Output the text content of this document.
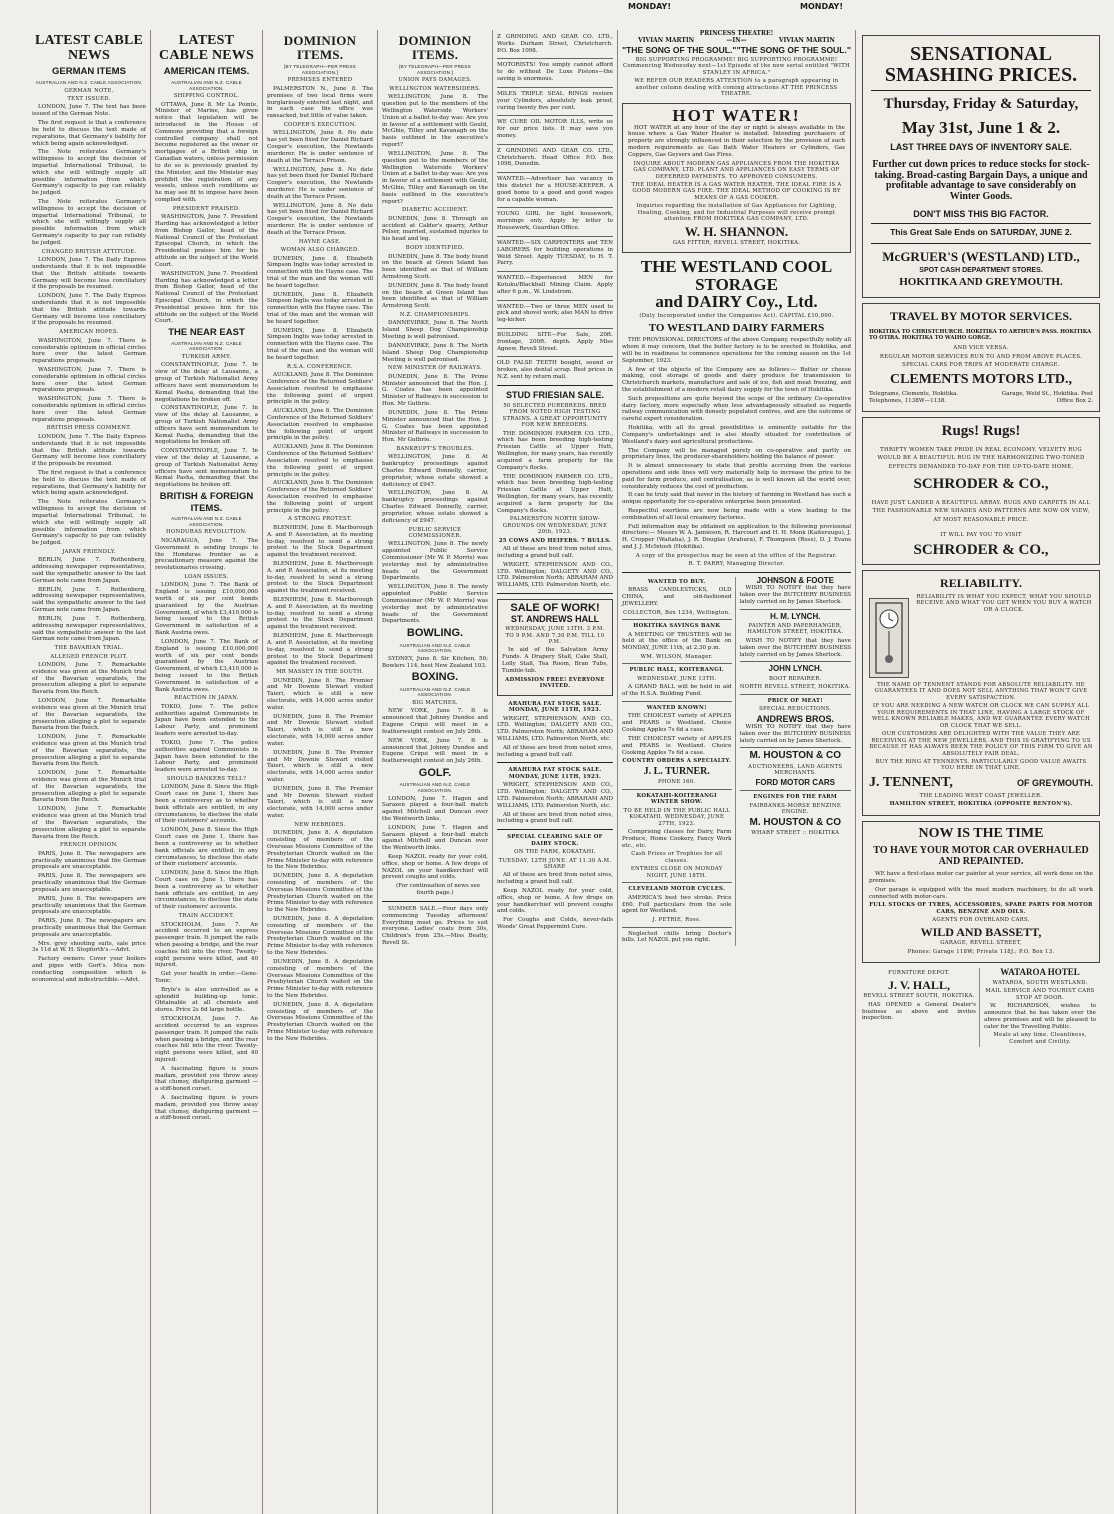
MONDAY!	MONDAY!
LATEST CABLE NEWS
GERMAN ITEMS
AUSTRALIAN AND N.Z. CABLE ASSOCIATION.
GERMAN NOTE.
TEXT ISSUED.

LONDON, June 7. The text has been issued of the German Note.

The first request is that a conference be held to discuss the text made of reparations, that Germany's liability for which being again acknowledged.

The Note reiterates Germany's willingness to accept the decision of impartial International Tribunal, to which she will willingly supply all possible information from which Germany's capacity to pay can reliably be judged.

The Note reiterates Germany's willingness to accept the decision of impartial International Tribunal, to which she will willingly supply all possible information from which Germany's capacity to pay can reliably be judged.

CHANGED BRITISH ATTITUDE.

LONDON, June 7. The Daily Express understands that it is not impossible that the British attitude towards Germany will become less conciliatory if the proposals be resumed.

LONDON, June 7. The Daily Express understands that it is not impossible that the British attitude towards Germany will become less conciliatory if the proposals be resumed.

AMERICAN HOPES.

WASHINGTON, June 7. There is considerable optimism in official circles here over the latest German reparations proposals.

WASHINGTON, June 7. There is considerable optimism in official circles here over the latest German reparations proposals.

WASHINGTON, June 7. There is considerable optimism in official circles here over the latest German reparations proposals.

BRITISH PRESS COMMENT.

LONDON, June 7. The Daily Express understands that it is not impossible that the British attitude towards Germany will become less conciliatory if the proposals be resumed.

The first request is that a conference be held to discuss the text made of reparations, that Germany's liability for which being again acknowledged.

The Note reiterates Germany's willingness to accept the decision of impartial International Tribunal, to which she will willingly supply all possible information from which Germany's capacity to pay can reliably be judged.

JAPAN FRIENDLY.

BERLIN, June 7. Rothenberg, addressing newspaper representatives, said the sympathetic answer to the last German note came from Japan.

BERLIN, June 7. Rothenberg, addressing newspaper representatives, said the sympathetic answer to the last German note came from Japan.

BERLIN, June 7. Rothenberg, addressing newspaper representatives, said the sympathetic answer to the last German note came from Japan.

THE BAVARIAN TRIAL.
ALLEGED FRENCH PLOT.

LONDON, June 7. Remarkable evidence was given at the Munich trial of the Bavarian separatists, the prosecution alleging a plot to separate Bavaria from the Reich.

LONDON, June 7. Remarkable evidence was given at the Munich trial of the Bavarian separatists, the prosecution alleging a plot to separate Bavaria from the Reich.

LONDON, June 7. Remarkable evidence was given at the Munich trial of the Bavarian separatists, the prosecution alleging a plot to separate Bavaria from the Reich.

LONDON, June 7. Remarkable evidence was given at the Munich trial of the Bavarian separatists, the prosecution alleging a plot to separate Bavaria from the Reich.

LONDON, June 7. Remarkable evidence was given at the Munich trial of the Bavarian separatists, the prosecution alleging a plot to separate Bavaria from the Reich.

FRENCH OPINION.

PARIS, June 8. The newspapers are practically unanimous that the German proposals are unacceptable.

PARIS, June 8. The newspapers are practically unanimous that the German proposals are unacceptable.

PARIS, June 8. The newspapers are practically unanimous that the German proposals are unacceptable.

PARIS, June 8. The newspapers are practically unanimous that the German proposals are unacceptable.

Mrs. grey shooting suits, sale price 3s 11d at W. H. Stopforth's.—Advt.

Factory owners: Cover your boilers and pipes with Gort's. Mica non-conducting composition which is economical and indestructible.—Advt.

LATEST CABLE NEWS
AMERICAN ITEMS.
AUSTRALIAN AND N.Z. CABLE ASSOCIATION.
SHIPPING CONTROL.

OTTAWA, June 8. Mr La Pointe, Minister of Marine, has given notice that legislation will be introduced in the House of Commons providing that a foreign controlled company shall not become registered as the owner or mortgagee of a British ship in Canadian waters, unless permission to do so is previously granted by the Minister, and the Minister may prohibit the registration of any vessels, unless such conditions as he may see fit to impose have been complied with.

PRESIDENT PRAISED.

WASHINGTON, June 7. President Harding has acknowledged a letter from Bishop Gailor, head of the National Council of the Protestant Episcopal Church, in which the Presidential praises him for his attitude on the subject of the World Court.

WASHINGTON, June 7. President Harding has acknowledged a letter from Bishop Gailor, head of the National Council of the Protestant Episcopal Church, in which the Presidential praises him for his attitude on the subject of the World Court.

THE NEAR EAST
AUSTRALIAN AND N.Z. CABLE ASSOCIATION.
TURKISH ARMY.

CONSTANTINOPLE, June 7. In view of the delay at Lausanne, a group of Turkish Nationalist Army officers have sent memorandum to Kemal Pasha, demanding that the negotiations be broken off.

CONSTANTINOPLE, June 7. In view of the delay at Lausanne, a group of Turkish Nationalist Army officers have sent memorandum to Kemal Pasha, demanding that the negotiations be broken off.

CONSTANTINOPLE, June 7. In view of the delay at Lausanne, a group of Turkish Nationalist Army officers have sent memorandum to Kemal Pasha, demanding that the negotiations be broken off.

BRITISH & FOREIGN ITEMS.
AUSTRALIAN AND N.Z. CABLE ASSOCIATION.
HONDURAS REVOLUTION.

NICARAGUA, June 7. The Government is sending troops to the Honduras frontier as a precautionary measure against the revolutionaries crossing.

LOAN ISSUES.

LONDON, June 7. The Bank of England is issuing £10,000,000 worth of six per cent bonds guaranteed by the Austrian Government, of which £3,410,000 is being issued to the British Government in satisfaction of a Bank Austria owes.

LONDON, June 7. The Bank of England is issuing £10,000,000 worth of six per cent bonds guaranteed by the Austrian Government, of which £3,410,000 is being issued to the British Government in satisfaction of a Bank Austria owes.

REACTION IN JAPAN.

TOKIO, June 7. The police authorities against Communists in Japan have been extended to the Labour Party, and prominent leaders were arrested to-day.

TOKIO, June 7. The police authorities against Communists in Japan have been extended to the Labour Party, and prominent leaders were arrested to-day.

SHOULD BANKERS TELL?

LONDON, June 8. Since the High Court case on June 1, there has been a controversy as to whether bank officials are entitled, in any circumstances, to disclose the state of their customers' accounts.

LONDON, June 8. Since the High Court case on June 1, there has been a controversy as to whether bank officials are entitled, in any circumstances, to disclose the state of their customers' accounts.

LONDON, June 8. Since the High Court case on June 1, there has been a controversy as to whether bank officials are entitled, in any circumstances, to disclose the state of their customers' accounts.

TRAIN ACCIDENT.

STOCKHOLM, June 7. An accident occurred to an express passenger train. It jumped the rails when passing a bridge, and the rear coaches fell into the river. Twenty-eight persons were killed, and 40 injured.

Get your health in order.—Gene-Tonic.

Bryle's is also unrivalled as a splendid building-up tonic. Obtainable at all chemists and stores. Price 2s 6d large bottle.

STOCKHOLM, June 7. An accident occurred to an express passenger train. It jumped the rails when passing a bridge, and the rear coaches fell into the river. Twenty-eight persons were killed, and 40 injured.

A fascinating figure is yours madam, provided you throw away that clumsy, disfiguring garment — a stiff-boned corset.

A fascinating figure is yours madam, provided you throw away that clumsy, disfiguring garment — a stiff-boned corset.

DOMINION ITEMS.
[BY TELEGRAPH—PER PRESS ASSOCIATION.]
PREMISES ENTERED

PALMERSTON N., June 8. The premises of two local firms were burglariously entered last night, and in each case the office was ransacked, but little of value taken.

COOPER'S EXECUTION.

WELLINGTON, June 8. No date has yet been fixed for Daniel Richard Cooper's execution, the Newlands murderer. He is under sentence of death at the Terrace Prison.

WELLINGTON, June 8. No date has yet been fixed for Daniel Richard Cooper's execution, the Newlands murderer. He is under sentence of death at the Terrace Prison.

WELLINGTON, June 8. No date has yet been fixed for Daniel Richard Cooper's execution, the Newlands murderer. He is under sentence of death at the Terrace Prison.

HAYNE CASE.
WOMAN ALSO CHARGED.

DUNEDIN, June 8. Elizabeth Simpson Inglis was today arrested in connection with the Hayne case. The trial of the man and the woman will be heard together.

DUNEDIN, June 8. Elizabeth Simpson Inglis was today arrested in connection with the Hayne case. The trial of the man and the woman will be heard together.

DUNEDIN, June 8. Elizabeth Simpson Inglis was today arrested in connection with the Hayne case. The trial of the man and the woman will be heard together.

R.S.A. CONFERENCE.

AUCKLAND, June 8. The Dominion Conference of the Returned Soldiers' Association resolved to emphasise the following point of urgent principle in the policy.

AUCKLAND, June 8. The Dominion Conference of the Returned Soldiers' Association resolved to emphasise the following point of urgent principle in the policy.

AUCKLAND, June 8. The Dominion Conference of the Returned Soldiers' Association resolved to emphasise the following point of urgent principle in the policy.

AUCKLAND, June 8. The Dominion Conference of the Returned Soldiers' Association resolved to emphasise the following point of urgent principle in the policy.

A STRONG PROTEST.

BLENHEIM, June 8. Marlborough A. and P. Association, at its meeting to-day, resolved to send a strong protest to the Stock Department against the treatment received.

BLENHEIM, June 8. Marlborough A. and P. Association, at its meeting to-day, resolved to send a strong protest to the Stock Department against the treatment received.

BLENHEIM, June 8. Marlborough A. and P. Association, at its meeting to-day, resolved to send a strong protest to the Stock Department against the treatment received.

BLENHEIM, June 8. Marlborough A. and P. Association, at its meeting to-day, resolved to send a strong protest to the Stock Department against the treatment received.

MR MASSEY IN THE SOUTH.

DUNEDIN, June 8. The Premier and Mr Downie Stewart visited Taieri, which is still a new electorate, with 14,000 acres under water.

DUNEDIN, June 8. The Premier and Mr Downie Stewart visited Taieri, which is still a new electorate, with 14,000 acres under water.

DUNEDIN, June 8. The Premier and Mr Downie Stewart visited Taieri, which is still a new electorate, with 14,000 acres under water.

DUNEDIN, June 8. The Premier and Mr Downie Stewart visited Taieri, which is still a new electorate, with 14,000 acres under water.

NEW HEBRIDES.

DUNEDIN, June 8. A deputation consisting of members of the Overseas Missions Committee of the Presbyterian Church waited on the Prime Minister to-day with reference to the New Hebrides.

DUNEDIN, June 8. A deputation consisting of members of the Overseas Missions Committee of the Presbyterian Church waited on the Prime Minister to-day with reference to the New Hebrides.

DUNEDIN, June 8. A deputation consisting of members of the Overseas Missions Committee of the Presbyterian Church waited on the Prime Minister to-day with reference to the New Hebrides.

DUNEDIN, June 8. A deputation consisting of members of the Overseas Missions Committee of the Presbyterian Church waited on the Prime Minister to-day with reference to the New Hebrides.

DUNEDIN, June 8. A deputation consisting of members of the Overseas Missions Committee of the Presbyterian Church waited on the Prime Minister to-day with reference to the New Hebrides.

DOMINION ITEMS.
[BY TELEGRAPH—PER PRESS ASSOCIATION.]
UNION PAYS DAMAGES.
WELLINGTON WATERSIDERS.

WELLINGTON, June 8. The question put to the members of the Wellington Waterside Workers' Union at a ballot to-day was: Are you in favour of a settlement with Gould, McGhie, Tilley and Kavanagh on the basis outlined in the executive's report?

WELLINGTON, June 8. The question put to the members of the Wellington Waterside Workers' Union at a ballot to-day was: Are you in favour of a settlement with Gould, McGhie, Tilley and Kavanagh on the basis outlined in the executive's report?

DIABETIC ACCIDENT.

DUNEDIN, June 8. Through an accident at Calder's quarry, Arthur Pelser, married, sustained injuries to his head and leg.

BODY IDENTIFIED.

DUNEDIN, June 8. The body found on the beach at Green Island has been identified as that of William Armstrong Scott.

DUNEDIN, June 8. The body found on the beach at Green Island has been identified as that of William Armstrong Scott.

N.Z. CHAMPIONSHIPS.

DANNEVIRKE, June 8. The North Island Sheep Dog Championship Meeting is well patronised.

DANNEVIRKE, June 8. The North Island Sheep Dog Championship Meeting is well patronised.

NEW MINISTER OF RAILWAYS.

DUNEDIN, June 8. The Prime Minister announced that the Hon. J. G. Coates has been appointed Minister of Railways in succession to Hon. Mr Guthrie.

DUNEDIN, June 8. The Prime Minister announced that the Hon. J. G. Coates has been appointed Minister of Railways in succession to Hon. Mr Guthrie.

BANKRUPT'S TROUBLES.

WELLINGTON, June 8. At bankruptcy proceedings against Charles Edward Donnelly, carrier, proprietor, whose estate showed a deficiency of £947.

WELLINGTON, June 8. At bankruptcy proceedings against Charles Edward Donnelly, carrier, proprietor, whose estate showed a deficiency of £947.

PUBLIC SERVICE COMMISSIONER.

WELLINGTON, June 8. The newly appointed Public Service Commissioner (Mr W. P. Morris) was yesterday met by administrative heads of the Government Departments.

WELLINGTON, June 8. The newly appointed Public Service Commissioner (Mr W. P. Morris) was yesterday met by administrative heads of the Government Departments.

BOWLING.
AUSTRALIAN AND N.Z. CABLE ASSOCIATION.

SYDNEY, June 8. Sir Kitchen, 50; Bowlers 114, best New Zealand 103.

BOXING.
AUSTRALIAN AND N.Z. CABLE ASSOCIATION.
BIG MATCHES.

NEW YORK, June 7. It is announced that Johnny Dundee and Eugene Criqui will meet in a featherweight contest on July 26th.

NEW YORK, June 7. It is announced that Johnny Dundee and Eugene Criqui will meet in a featherweight contest on July 26th.

GOLF.
AUSTRALIAN AND N.Z. CABLE ASSOCIATION.

LONDON, June 7. Hagen and Sarazen played a four-ball match against Mitchell and Duncan over the Wentworth links.

LONDON, June 7. Hagen and Sarazen played a four-ball match against Mitchell and Duncan over the Wentworth links.

Keep NAZOL ready for your cold, office, shop or home. A few drops of NAZOL on your handkerchief will prevent coughs and colds.

(For continuation of news see fourth page.)

SUMMER SALE.—Four days only commencing Tuesday afternoon! Everything must go. Prices to suit everyone. Ladies' coats from 30s, Children's from 25s.—Miss Beatty, Revell St.

Z GRINDING AND GEAR CO. LTD., Works Durham Street, Christchurch. P.O. Box 1098.

MOTORISTS! You simply cannot afford to do without De Luxe Pistons—the saving is enormous.

MILES TRIPLE SEAL RINGS restore your Cylinders, absolutely leak proof, curing twenty five per cent.

WE CURE OIL MOTOR ILLS, write us for our price lists. It may save you money.

Z GRINDING AND GEAR CO. LTD., Christchurch. Head Office P.O. Box 1098, Dunedin.

WANTED.—Advertiser has vacancy in this district for a HOUSE-KEEPER. A good home to a good and good wages for a capable woman.

YOUNG GIRL for light housework, mornings only. Apply by letter to Housework, Guardian Office.

WANTED.—SIX CARPENTERS and TEN LABORERS for building operations in Weld Street. Apply TUESDAY, to H. T. Parry.

WANTED.—Experienced MEN for Kotuku/Blackball Mining Claim. Apply after 6 p.m., W. Lindstrom.

WANTED.—Two or three MEN used to pick and shovel work; also MAN to drive leg-kicker.

BUILDING SITE—For Sale, 20ft. frontage, 200ft. depth. Apply Miss Agnew, Revell Street.

OLD FALSE TEETH bought, sound or broken, also dental scrap. Best prices in N.Z. sent by return mail.

STUD FRIESIAN SALE.

50 SELECTED PUREBREDS. BRED FROM NOTED HIGH TESTING STRAINS. A GREAT OPPORTUNITY FOR NEW BREEDERS.

THE DOMINION FARMER CO. LTD., which has been breeding high-testing Friesian Cattle at Upper Hutt, Wellington, for many years, has recently acquired a farm property for the Company's flocks.

THE DOMINION FARMER CO. LTD., which has been breeding high-testing Friesian Cattle at Upper Hutt, Wellington, for many years, has recently acquired a farm property for the Company's flocks.

PALMERSTON NORTH SHOW-GROUNDS ON WEDNESDAY, JUNE 20th, 1923.

25 COWS AND HEIFERS. 7 BULLS.

All of these are bred from noted sires, including a grand bull calf.

WRIGHT, STEPHENSON AND CO., LTD. Wellington; DALGETY AND CO., LTD. Palmerston North; ABRAHAM AND WILLIAMS, LTD. Palmerston North, etc.

SALE OF WORK!
ST. ANDREWS HALL

WEDNESDAY, JUNE 13TH. 3 P.M. TO 9 P.M. AND 7.30 P.M. TILL 10 P.M.

In aid of the Salvation Army Funds. A Drapery Stall, Cake Stall, Lolly Stall, Tea Room, Bran Tubs, Tumble-tub.

ADMISSION FREE! EVERYONE INVITED.

ARAHURA FAT STOCK SALE. MONDAY, JUNE 11TH, 1923.

WRIGHT, STEPHENSON AND CO., LTD. Wellington; DALGETY AND CO., LTD. Palmerston North; ABRAHAM AND WILLIAMS, LTD. Palmerston North, etc.

All of these are bred from noted sires, including a grand bull calf.

ARAHURA FAT STOCK SALE. MONDAY, JUNE 11TH, 1923.

WRIGHT, STEPHENSON AND CO., LTD. Wellington; DALGETY AND CO., LTD. Palmerston North; ABRAHAM AND WILLIAMS, LTD. Palmerston North, etc.

All of these are bred from noted sires, including a grand bull calf.

SPECIAL CLEARING SALE OF DAIRY STOCK.

ON THE FARM, KOKATAHI.

TUESDAY, 12TH JUNE. AT 11.30 A.M. SHARP.

All of these are bred from noted sires, including a grand bull calf.

Keep NAZOL ready for your cold, office, shop or home. A few drops on your handkerchief will prevent coughs and colds.

For Coughs and Colds, never-fails Woods' Great Peppermint Cure.

PRINCESS THEATRE!
VIVIAN MARTIN	—IN—	VIVIAN MARTIN
"THE SONG OF THE SOUL." "THE SONG OF THE SOUL."

BIG SUPPORTING PROGRAMME! BIG SUPPORTING PROGRAMME! Commencing Wednesday next—1st Episode of the new serial entitled "WITH STANLEY IN AFRICA."

WE REFER OUR READERS ATTENTION to a paragraph appearing in another column dealing with coming attractions AT THE PRINCESS THEATRE.

HOT WATER!

HOT WATER at any hour of the day or night is always available in the house where a Gas Water Heater is installed. Intending purchasers of property are strongly influenced in their selection by the provision of such modern requirements as Gas Bath Water Heaters or Cylinders, Gas Coppers, Gas Geysers and Gas Fires.

INQUIRE ABOUT MODERN GAS APPLIANCES FROM THE HOKITIKA GAS COMPANY, LTD. PLANT AND APPLIANCES ON EASY TERMS OF DEFERRED PAYMENTS. TO APPROVED CONSUMERS.

THE IDEAL HEATER IS A GAS WATER HEATER. THE IDEAL FIRE IS A GOOD MODERN GAS FIRE. THE IDEAL METHOD OF COOKING IS BY MEANS OF A GAS COOKER.

Inquiries regarding the installation of Gas Appliances for Lighting, Heating, Cooking, and for Industrial Purposes will receive prompt attention FROM HOKITIKA GAS COMPANY, LTD.

W. H. SHANNON.

GAS FITTER, REVELL STREET, HOKITIKA.

THE WESTLAND COOL STORAGE
and DAIRY Coy., Ltd.

(Duly Incorporated under the Companies Act). CAPITAL £10,000.

TO WESTLAND DAIRY FARMERS

THE PROVISIONAL DIRECTORS of the above Company, respectfully notify all whom it may concern, that the butter factory is to be erected in Hokitika, and will be in readiness to commence operations for the coming season on the 1st September, 1923.

A few of the objects of the Company are as follows:— Butter or cheese making, cool storage of goods and dairy produce for transmission to Christchurch markets, manufacture and sale of ice, fish and meat freezing, and the establishment of a modern retail dairy supply for the town of Hokitika.

Such propositions are quite beyond the scope of the ordinary Co-operative dairy factory, more especially when less advantageously situated as regards railway communication with densely populated centres, and are the outcome of careful expert consideration.

Hokitika, with all its great possibilities is eminently suitable for the Company's undertakings and is also ideally situated for contribution of Westland's dairy and agricultural productions.

The Company will be managed purely on co-operative and partly on proprietary lines, the producer-shareholders holding the balance of power.

It is almost unnecessary to state that profits accruing from the various operations and side lines will very materially help to increase the price to be paid for farm produce, and centralisation, as is well known all the world over, considerably reduces the cost of production.

It can be truly said that never in the history of farming in Westland has such a unique opportunity for co-operative enterprise been presented.

Respectful exertions are now being made with a view leading to the combination of all local creamery factories.

Full information may be obtained on application to the following provisional directors:— Messrs W. A. Jamieson, R. Harcourt and H. H. Monk (Kaiteruugu), J. H. Cropper (Waitaha), J. R. Douglas (Arahura), F. Thompson (Ross), D. J. Evans and J. J. McIntosh (Hokitika).

A copy of the prospectus may be seen at the office of the Registrar.

R. T. PARRY, Managing Director.

WANTED TO BUY.

BRASS CANDLESTICKS, OLD CHINA, and old-fashioned JEWELLERY.

COLLECTOR, Box 1234, Wellington.

HOKITIKA SAVINGS BANK

A MEETING OF TRUSTEES will be held at the office of the Bank on MONDAY, JUNE 11th, at 2.30 p.m.

WM. WILSON, Manager.

PUBLIC HALL, KOITERANGI.

WEDNESDAY, JUNE 13TH.

A GRAND BALL will be held in aid of the H.S.A. Building Fund.

WANTED KNOWN!

THE CHOICEST variety of APPLES and PEARS is Westland. Choice Cooking Apples 7s 6d a case.

THE CHOICEST variety of APPLES and PEARS is Westland. Choice Cooking Apples 7s 6d a case.

COUNTRY ORDERS A SPECIALTY.

J. L. TURNER.

PHONE 160.

KOKATAHI-KOITERANGI WINTER SHOW.

TO BE HELD IN THE PUBLIC HALL KOKATAHI. WEDNESDAY, JUNE 27TH, 1923.

Comprising classes for Dairy, Farm Produce, Home Cookery, Fancy Work etc., etc.

Cash Prizes or Trophies for all classes.

ENTRIES CLOSE ON MONDAY NIGHT, JUNE 18TH.

CLEVELAND MOTOR CYCLES.

AMERICA'S best two stroke. Price £60. Full particulars from the sole agent for Westland.

J. PETRIE, Ross.

Neglected chills bring Doctor's bills. Let NAZOL put you right.

JOHNSON & FOOTE

WISH TO NOTIFY that they have taken over the BUTCHERY BUSINESS lately carried on by James Sherlock.

H. M. LYNCH.

PAINTER AND PAPERHANGER, HAMILTON STREET, HOKITIKA.

WISH TO NOTIFY that they have taken over the BUTCHERY BUSINESS lately carried on by James Sherlock.

JOHN LYNCH.

BOOT REPAIRER.

NORTH REVELL STREET, HOKITIKA.

PRICE OF MEAT!

SPECIAL REDUCTIONS.

ANDREWS BROS.

WISH TO NOTIFY that they have taken over the BUTCHERY BUSINESS lately carried on by James Sherlock.

M. HOUSTON & CO

AUCTIONEERS, LAND AGENTS MERCHANTS.

FORD MOTOR CARS

ENGINES FOR THE FARM

FAIRBANKS-MORSE BENZINE ENGINE.

M. HOUSTON & CO

WHARF STREET :: HOKITIKA

SENSATIONAL SMASHING PRICES.
Thursday, Friday & Saturday,
May 31st, June 1 & 2.
LAST THREE DAYS OF INVENTORY SALE.
Further cut down prices to reduce stocks for stock-taking. Broad-casting Bargain Days, a unique and profitable advantage to save considerably on Winter Goods.
DON'T MISS THIS BIG FACTOR.
This Great Sale Ends on SATURDAY, JUNE 2.
McGRUER'S (WESTLAND) LTD.,
SPOT CASH DEPARTMENT STORES.
HOKITIKA AND GREYMOUTH.
TRAVEL BY MOTOR SERVICES.

HOKITIKA TO CHRISTCHURCH. HOKITIKA TO ARTHUR'S PASS. HOKITIKA TO OTIRA. HOKITIKA TO WAIHO GORGE.

AND VICE VERSA.

REGULAR MOTOR SERVICES RUN TO AND FROM ABOVE PLACES.

SPECIAL CARS FOR TRIPS AT MODERATE CHARGE.

CLEMENTS MOTORS LTD.,
Telegrams, Clements, Hokitika. Telephones, 1138W—1138.
Garage, Weld St., Hokitika. Post Office Box 2.
Rugs! Rugs!

THRIFTY WOMEN TAKE PRIDE IN REAL ECONOMY. VELVETY RUG WOULD BE A BEAUTIFUL RUG IN THE HARMONIZING TWO-TONED EFFECTS DEMANDED TO-DAY FOR THE UP-TO-DATE HOME.

SCHRODER & CO.,

HAVE JUST LANDED A BEAUTIFUL ARRAY. RUGS AND CARPETS IN ALL THE FASHIONABLE NEW SHADES AND PATTERNS ARE NOW ON VIEW, AT MOST REASONABLE PRICE.

IT WILL PAY YOU TO VISIT

SCHRODER & CO.,
RELIABILITY.

RELIABILITY IS WHAT YOU EXPECT, WHAT YOU SHOULD RECEIVE AND WHAT YOU GET WHEN YOU BUY A WATCH OR A CLOCK.

THE NAME OF TENNENT STANDS FOR ABSOLUTE RELIABILITY. HE GUARANTEES IT AND DOES NOT SELL ANYTHING THAT WON'T GIVE EVERY SATISFACTION.

IF YOU ARE NEEDING A NEW WATCH OR CLOCK WE CAN SUPPLY ALL YOUR REQUIREMENTS IN THAT LINE, HAVING A LARGE STOCK OF WELL KNOWN RELIABLE MAKES, AND WE GUARANTEE EVERY WATCH OR CLOCK THAT WE SELL.

OUR CUSTOMERS ARE DELIGHTED WITH THE VALUE THEY ARE RECEIVING AT THE NEW JEWELLERS, AND THIS IS GRATIFYING TO US BECAUSE IT HAS ALWAYS BEEN THE POLICY OF THIS FIRM TO GIVE AN ABSOLUTELY FAIR DEAL.

BUY THE RING AT TENNENTS. PARTICULARLY GOOD VALUE AWAITS YOU HERE IN THAT LINE.

J. TENNENT,	OF GREYMOUTH.

THE LEADING WEST COAST JEWELLER.

HAMILTON STREET, HOKITIKA (OPPOSITE RENTON'S).

NOW IS THE TIME
TO HAVE YOUR MOTOR CAR OVERHAULED AND REPAINTED.

WE have a first-class motor car painter at your service, all work done on the premises.

Our garage is equipped with the most modern machinery, to do all work connected with motor-cars.

FULL STOCKS OF TYRES, ACCESSORIES, SPARE PARTS FOR MOTOR CARS, BENZINE AND OILS.

AGENTS FOR OVERLAND CARS.

WILD AND BASSETT,

GARAGE, REVELL STREET,

Phones: Garage 118W; Private 118J.; P.O. Box 13.

FURNITURE DEPOT.

J. V. HALL,

REVELL STREET SOUTH, HOKITIKA.

HAS OPENED a General Dealer's business as above and invites inspection.

WATAROA HOTEL

WATAROA, SOUTH WESTLAND.

MAIL SERVICE AND TOURIST CARS STOP AT DOOR.

W. RICHARDSON, wishes to announce that he has taken over the above premises and will be pleased to cater for the Travelling Public.

Meals at any time. Cleanliness, Comfort and Civility.
